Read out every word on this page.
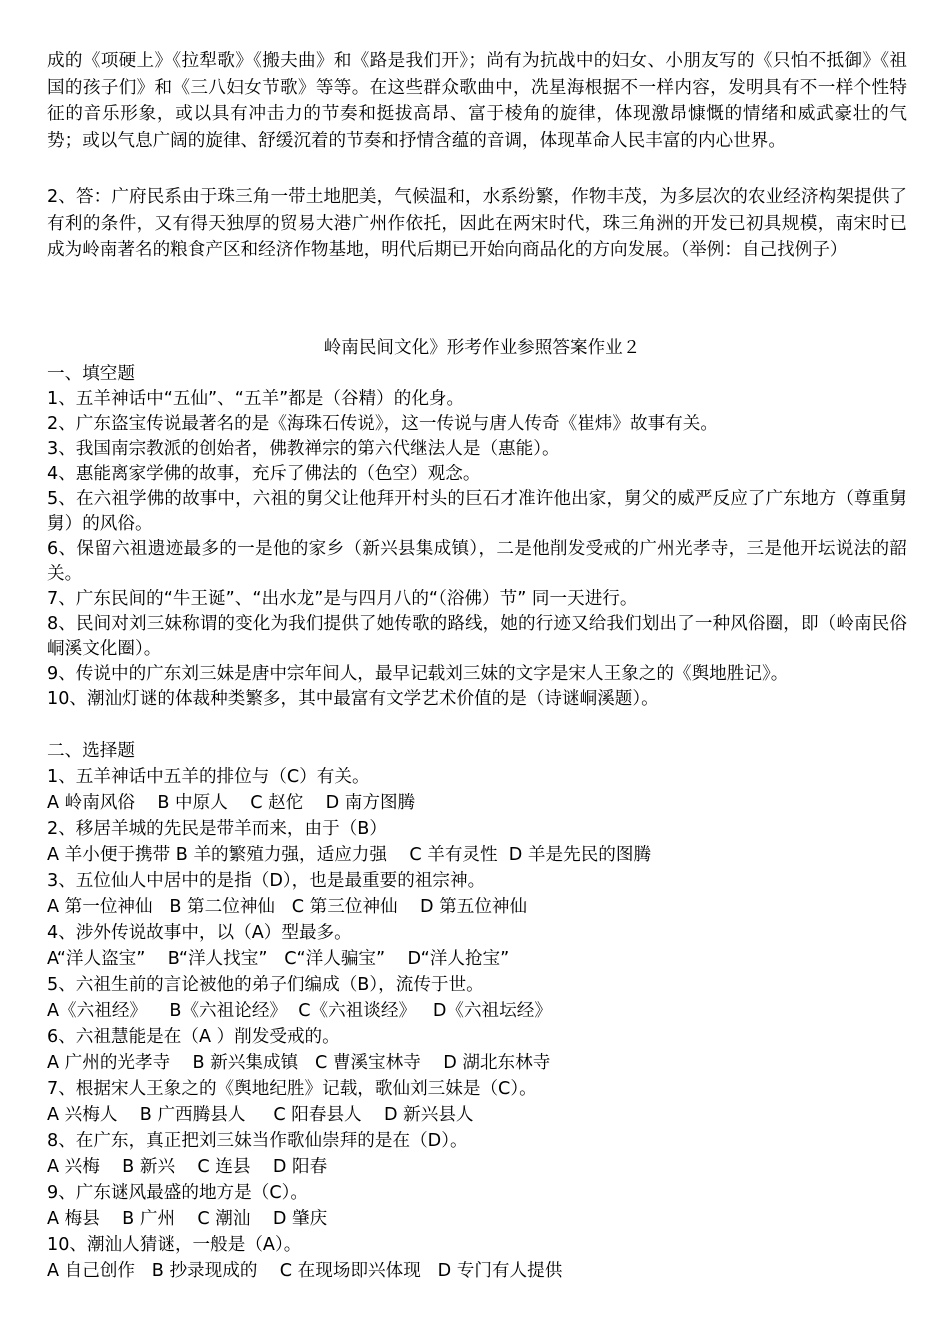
成的《项硬上》《拉犁歌》《搬夫曲》和《路是我们开》；尚有为抗战中的妇女、小朋友写的《只怕不抵御》《祖国的孩子们》和《三八妇女节歌》等等。在这些群众歌曲中，冼星海根据不一样内容，发明具有不一样个性特征的音乐形象，或以具有冲击力的节奏和挺拔高昂、富于棱角的旋律，体现激昂慷慨的情绪和威武豪壮的气势；或以气息广阔的旋律、舒缓沉着的节奏和抒情含蕴的音调，体现革命人民丰富的内心世界。

2、答：广府民系由于珠三角一带土地肥美，气候温和，水系纷繁，作物丰茂，为多层次的农业经济构架提供了有利的条件，又有得天独厚的贸易大港广州作依托，因此在两宋时代，珠三角洲的开发已初具规模，南宋时已成为岭南著名的粮食产区和经济作物基地，明代后期已开始向商品化的方向发展。（举例：自己找例子）

岭南民间文化》形考作业参照答案作业２

一、填空题

1、五羊神话中“五仙”、“五羊”都是（谷精）的化身。

2、广东盗宝传说最著名的是《海珠石传说》，这一传说与唐人传奇《崔炜》故事有关。

3、我国南宗教派的创始者，佛教禅宗的第六代继法人是（惠能）。

4、惠能离家学佛的故事，充斥了佛法的（色空）观念。

5、在六祖学佛的故事中，六祖的舅父让他拜开村头的巨石才准许他出家，舅父的威严反应了广东地方（尊重舅舅）的风俗。

6、保留六祖遗迹最多的一是他的家乡（新兴县集成镇），二是他削发受戒的广州光孝寺，三是他开坛说法的韶关。

7、广东民间的“牛王诞”、“出水龙”是与四月八的“（浴佛）节” 同一天进行。

8、民间对刘三妹称谓的变化为我们提供了她传歌的路线，她的行迹又给我们划出了一种风俗圈，即（岭南民俗峒溪文化圈）。

9、传说中的广东刘三妹是唐中宗年间人，最早记载刘三妹的文字是宋人王象之的《舆地胜记》。

10、潮汕灯谜的体裁种类繁多，其中最富有文学艺术价值的是（诗谜峒溪题）。

二、选择题

1、五羊神话中五羊的排位与（C）有关。

A 岭南风俗    B 中原人    C 赵佗    D 南方图腾

2、移居羊城的先民是带羊而来，由于（B）

A 羊小便于携带 B 羊的繁殖力强，适应力强    C 羊有灵性  D 羊是先民的图腾

3、五位仙人中居中的是指（D），也是最重要的祖宗神。

A 第一位神仙   B 第二位神仙   C 第三位神仙    D 第五位神仙

4、涉外传说故事中，以（A）型最多。

A“洋人盗宝”    B“洋人找宝”   C“洋人骗宝”    D“洋人抢宝”

5、六祖生前的言论被他的弟子们编成（B），流传于世。

A《六祖经》    B《六祖论经》  C《六祖谈经》   D《六祖坛经》

6、六祖慧能是在（A ）削发受戒的。

A 广州的光孝寺    B 新兴集成镇   C 曹溪宝林寺    D 湖北东林寺

7、根据宋人王象之的《舆地纪胜》记载，歌仙刘三妹是（C）。

A 兴梅人    B 广西腾县人     C 阳春县人    D 新兴县人

8、在广东，真正把刘三妹当作歌仙崇拜的是在（D）。

A 兴梅    B 新兴    C 连县    D 阳春

9、广东谜风最盛的地方是（C）。

A 梅县    B 广州    C 潮汕    D 肇庆

10、潮汕人猜谜，一般是（A）。

A 自己创作   B 抄录现成的    C 在现场即兴体现   D 专门有人提供
